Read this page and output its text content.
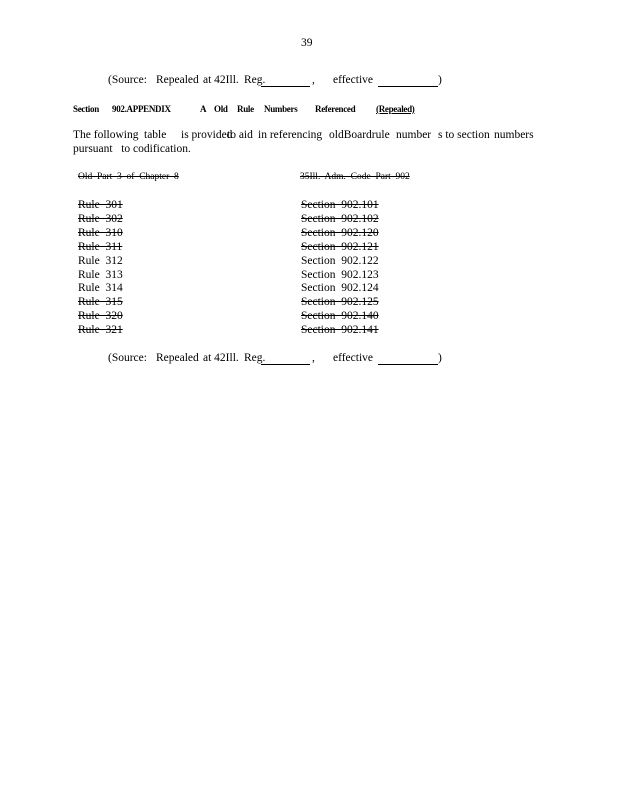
39
(Source: Repealed at 42Ill. Reg.	, effective	)
Section 902.APPENDIX	A Old Rule Numbers Referenced (Repealed)
The following table is provided
to aid in referencing oldBoardrule number s to section numbers
pursuant   to codification.
Old  Part  3  of  Chapter  8	35Ill.  Adm.  Code  Part  902
Rule  301	Section  902.101
Rule  302	Section  902.102
Rule  310	Section  902.120
Rule  311	Section  902.121
Rule  312	Section  902.122
Rule  313	Section  902.123
Rule  314	Section  902.124
Rule  315	Section  902.125
Rule  320	Section  902.140
Rule  321	Section  902.141
(Source: Repealed at 42Ill. Reg.	, effective	)
